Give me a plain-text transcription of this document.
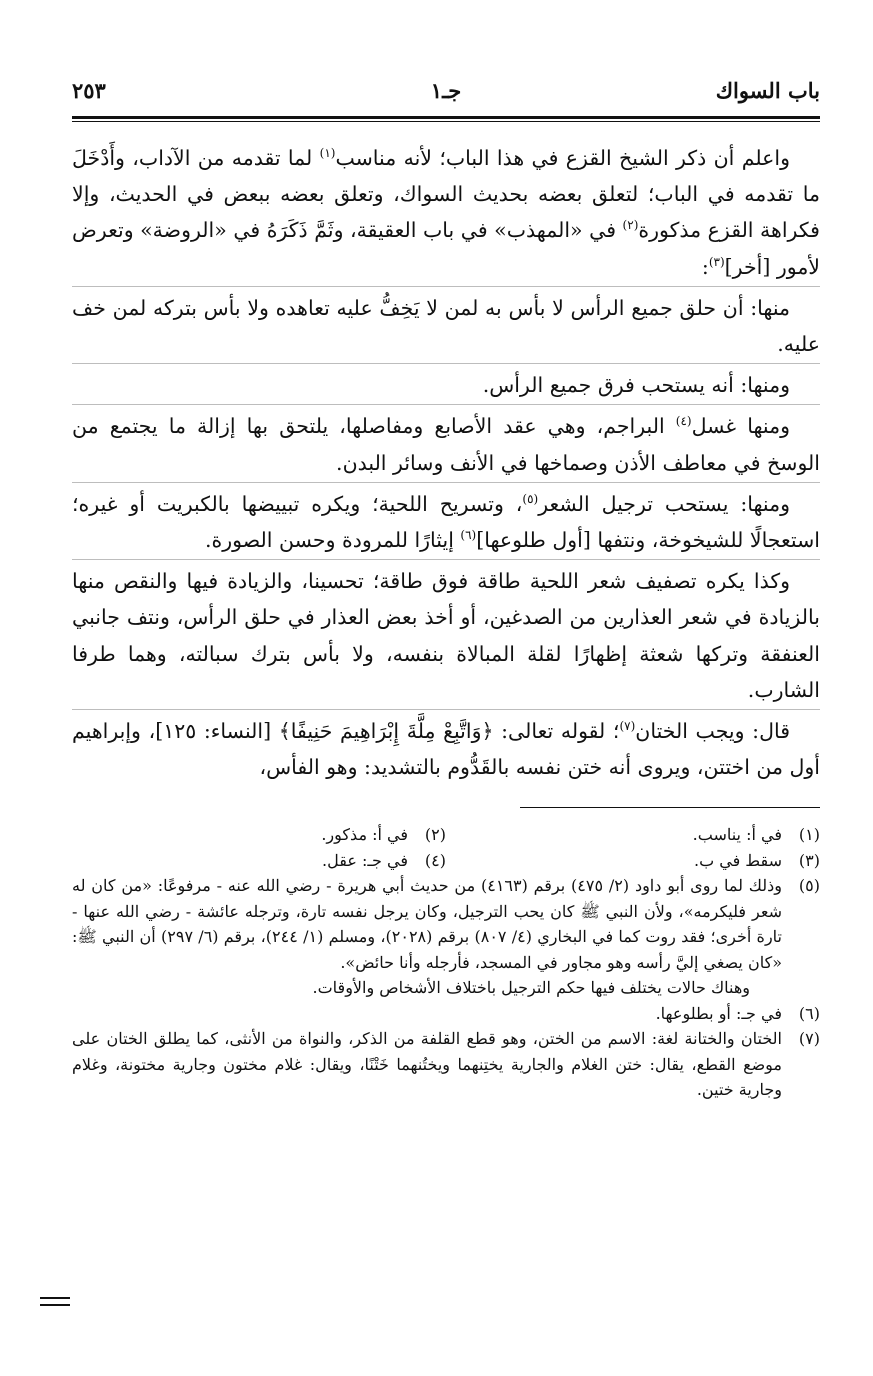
باب السواك
جـ١
٢٥٣

واعلم أن ذكر الشيخ القزع في هذا الباب؛ لأنه مناسب$^{(١)}$ لما تقدمه من الآداب، وأَدْخَلَ ما تقدمه في الباب؛ لتعلق بعضه بحديث السواك، وتعلق بعضه ببعض في الحديث، وإلا فكراهة القزع مذكورة$^{(٢)}$ في «المهذب» في باب العقيقة، وثَمَّ ذَكَرَهُ في «الروضة» وتعرض لأمور [أخر]$^{(٣)}$:

منها: أن حلق جميع الرأس لا بأس به لمن لا يَخِفُّ عليه تعاهده ولا بأس بتركه لمن خف عليه.

ومنها: أنه يستحب فرق جميع الرأس.

ومنها غسل$^{(٤)}$ البراجم، وهي عقد الأصابع ومفاصلها، يلتحق بها إزالة ما يجتمع من الوسخ في معاطف الأذن وصماخها في الأنف وسائر البدن.

ومنها: يستحب ترجيل الشعر$^{(٥)}$، وتسريح اللحية؛ ويكره تبييضها بالكبريت أو غيره؛ استعجالًا للشيخوخة، ونتفها [أول طلوعها]$^{(٦)}$ إيثارًا للمرودة وحسن الصورة.

وكذا يكره تصفيف شعر اللحية طاقة فوق طاقة؛ تحسينا، والزيادة فيها والنقص منها بالزيادة في شعر العذارين من الصدغين، أو أخذ بعض العذار في حلق الرأس، ونتف جانبي العنفقة وتركها شعثة إظهارًا لقلة المبالاة بنفسه، ولا بأس بترك سبالته، وهما طرفا الشارب.

قال: ويجب الختان$^{(٧)}$؛ لقوله تعالى: ﴿وَاتَّبِعْ مِلَّةَ إِبْرَاهِيمَ حَنِيفًا﴾ [النساء: ١٢٥]، وإبراهيم أول من اختتن، ويروى أنه ختن نفسه بالقَدُّوم بالتشديد: وهو الفأس،

(١)
في أ: يناسب.
(٢)
في أ: مذكور.
(٣)
سقط في ب.
(٤)
في جـ: عقل.
(٥)
وذلك لما روى أبو داود (٢/ ٤٧٥) برقم (٤١٦٣) من حديث أبي هريرة - رضي الله عنه - مرفوعًا: «من كان له شعر فليكرمه»، ولأن النبي ﷺ كان يحب الترجيل، وكان يرجل نفسه تارة، وترجله عائشة - رضي الله عنها - تارة أخرى؛ فقد روت كما في البخاري (٤/ ٨٠٧) برقم (٢٠٢٨)، ومسلم (١/ ٢٤٤)، برقم (٦/ ٢٩٧) أن النبي ﷺ: «كان يصغي إليَّ رأسه وهو مجاور في المسجد، فأرجله وأنا حائض».
وهناك حالات يختلف فيها حكم الترجيل باختلاف الأشخاص والأوقات.
(٦)
في جـ: أو بطلوعها.
(٧)
الختان والختانة لغة: الاسم من الختن، وهو قطع القلفة من الذكر، والنواة من الأنثى، كما يطلق الختان على موضع القطع، يقال: ختن الغلام والجارية يختِنهما ويختُنهما خَتْنًا، ويقال: غلام مختون وجارية مختونة، وغلام وجارية ختين.
